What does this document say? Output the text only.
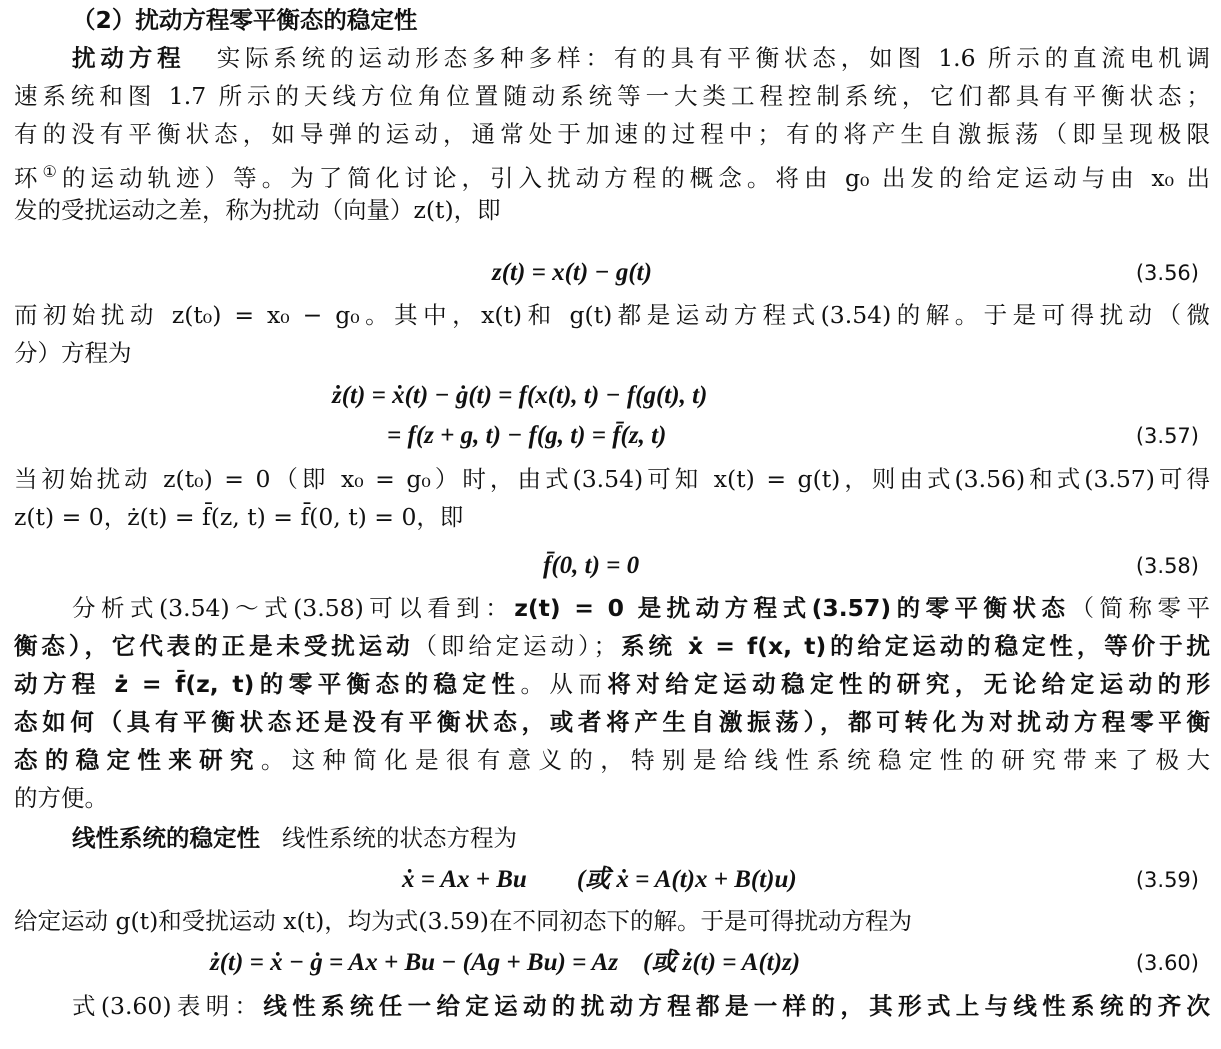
（2）扰动方程零平衡态的稳定性
扰动方程 实际系统的运动形态多种多样：有的具有平衡状态，如图 1.6 所示的直流电机调
速系统和图 1.7 所示的天线方位角位置随动系统等一大类工程控制系统，它们都具有平衡状态；
有的没有平衡状态，如导弹的运动，通常处于加速的过程中；有的将产生自激振荡（即呈现极限
环①的运动轨迹）等。为了简化讨论，引入扰动方程的概念。将由 g₀ 出发的给定运动与由 x₀ 出
发的受扰运动之差，称为扰动（向量）z(t)，即
z(t) = x(t) − g(t)	(3.56)
而初始扰动 z(t₀) = x₀ − g₀。其中，x(t)和 g(t)都是运动方程式(3.54)的解。于是可得扰动（微
分）方程为
ż(t) = ẋ(t) − ġ(t) = f(x(t), t) − f(g(t), t)
= f(z + g, t) − f(g, t) = f̄(z, t)	(3.57)
当初始扰动 z(t₀) = 0（即 x₀ = g₀）时，由式(3.54)可知 x(t) = g(t)，则由式(3.56)和式(3.57)可得
z(t) = 0，ż(t) = f̄(z, t) = f̄(0, t) = 0，即
f̄(0, t) = 0	(3.58)
分析式(3.54)～式(3.58)可以看到：z(t) = 0 是扰动方程式(3.57)的零平衡状态（简称零平
衡态），它代表的正是未受扰运动（即给定运动）；系统 ẋ = f(x, t)的给定运动的稳定性，等价于扰
动方程 ż = f̄(z, t)的零平衡态的稳定性。从而将对给定运动稳定性的研究，无论给定运动的形
态如何（具有平衡状态还是没有平衡状态，或者将产生自激振荡），都可转化为对扰动方程零平衡
态的稳定性来研究。这种简化是很有意义的，特别是给线性系统稳定性的研究带来了极大
的方便。
线性系统的稳定性 线性系统的状态方程为
ẋ = Ax + Bu　　(或 ẋ = A(t)x + B(t)u)	(3.59)
给定运动 g(t)和受扰运动 x(t)，均为式(3.59)在不同初态下的解。于是可得扰动方程为
ż(t) = ẋ − ġ = Ax + Bu − (Ag + Bu) = Az　(或 ż(t) = A(t)z)	(3.60)
式(3.60)表明：线性系统任一给定运动的扰动方程都是一样的，其形式上与线性系统的齐次
